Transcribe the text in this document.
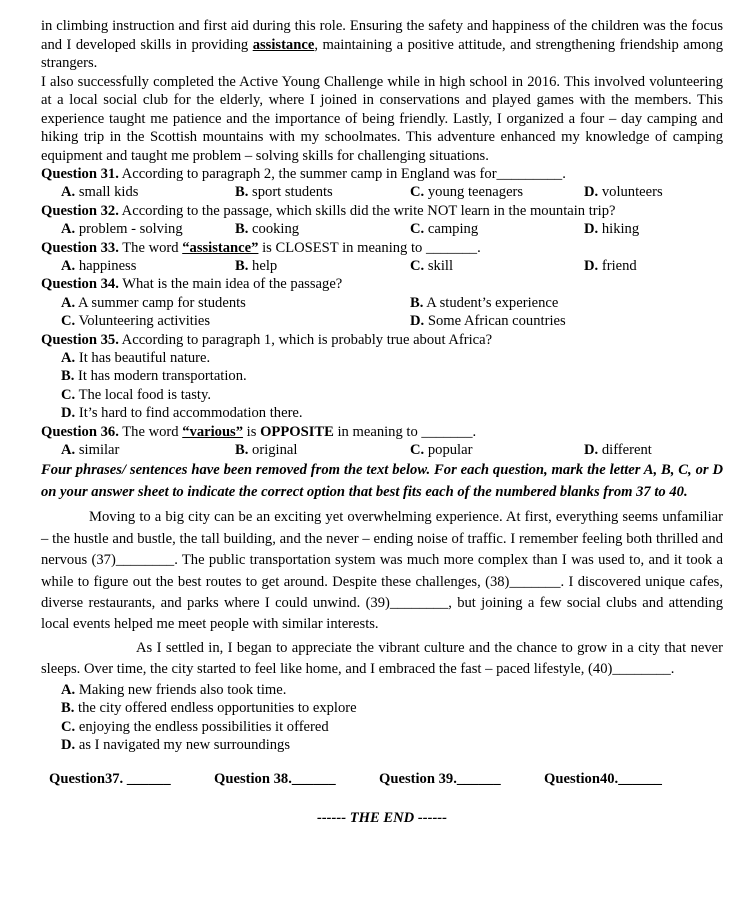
in climbing instruction and first aid during this role. Ensuring the safety and happiness of the children was the focus and I developed skills in providing assistance, maintaining a positive attitude, and strengthening friendship among strangers.

I also successfully completed the Active Young Challenge while in high school in 2016. This involved volunteering at a local social club for the elderly, where I joined in conservations and played games with the members. This experience taught me patience and the importance of being friendly. Lastly, I organized a four – day camping and hiking trip in the Scottish mountains with my schoolmates. This adventure enhanced my knowledge of camping equipment and taught me problem – solving skills for challenging situations.

Question 31. According to paragraph 2, the summer camp in England was for_________.

A. small kids	B. sport students	C. young teenagers	D. volunteers

Question 32. According to the passage, which skills did the write NOT learn in the mountain trip?

A. problem - solving	B. cooking	C. camping	D. hiking

Question 33. The word “assistance” is CLOSEST in meaning to _______.

A. happiness	B. help	C. skill	D. friend

Question 34. What is the main idea of the passage?

A. A summer camp for students	B. A student’s experience
C. Volunteering activities	D. Some African countries

Question 35. According to paragraph 1, which is probably true about Africa?

A. It has beautiful nature.
B. It has modern transportation.
C. The local food is tasty.
D. It’s hard to find accommodation there.

Question 36. The word “various” is OPPOSITE in meaning to _______.

A. similar	B. original	C. popular	D. different

Four phrases/ sentences have been removed from the text below. For each question, mark the letter A, B, C, or D on your answer sheet to indicate the correct option that best fits each of the numbered blanks from 37 to 40.

Moving to a big city can be an exciting yet overwhelming experience. At first, everything seems unfamiliar – the hustle and bustle, the tall building, and the never – ending noise of traffic. I remember feeling both thrilled and nervous (37)________. The public transportation system was much more complex than I was used to, and it took a while to figure out the best routes to get around. Despite these challenges, (38)_______. I discovered unique cafes, diverse restaurants, and parks where I could unwind. (39)________, but joining a few social clubs and attending local events helped me meet people with similar interests.

As I settled in, I began to appreciate the vibrant culture and the chance to grow in a city that never sleeps. Over time, the city started to feel like home, and I embraced the fast – paced lifestyle, (40)________.

A. Making new friends also took time.

B. the city offered endless opportunities to explore

C. enjoying the endless possibilities it offered

D. as I navigated my new surroundings

Question37. ______	Question 38.______	Question 39.______	Question40.______
------ THE END ------
